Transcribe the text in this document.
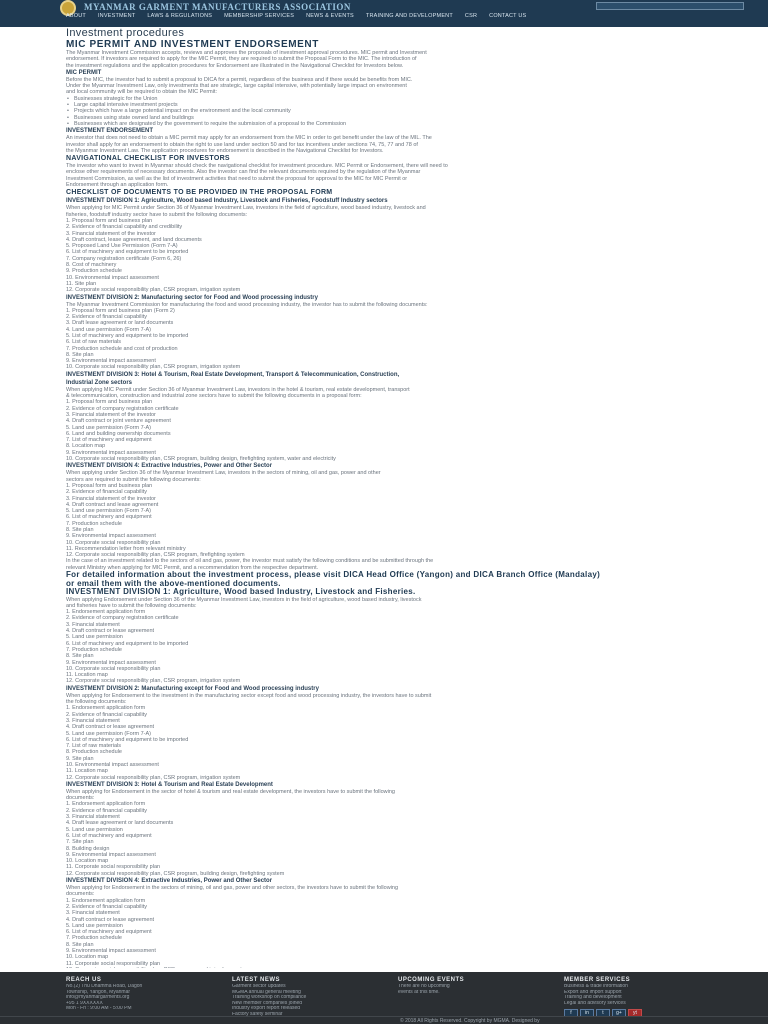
MYANMAR GARMENT MANUFACTURERS ASSOCIATION
ABOUT INVESTMENT LAWS & REGULATIONS MEMBERSHIP SERVICES NEWS & EVENTS TRAINING AND DEVELOPMENT CSR CONTACT US
Investment procedures
MIC PERMIT AND INVESTMENT ENDORSEMENT
The Myanmar Investment Commission accepts, reviews and approves the proposals of investment approval procedures. MIC permit and Investment
endorsement. If investors are required to apply for the MIC Permit, they are required to submit the Proposal Form to the MIC. The introduction of
the investment regulations and the application procedures for Endorsement are illustrated in the Navigational Checklist for Investors below.
MIC PERMIT
Before the MIC, the investor had to submit a proposal to DICA for a permit, regardless of the business and if there would be benefits from MIC.
Under the Myanmar Investment Law, only investments that are strategic, large capital intensive, with potentially large impact on environment
and local community will be required to obtain the MIC Permit:
• Businesses strategic for the Union
• Large capital intensive investment projects
• Projects which have a large potential impact on the environment and the local community
• Businesses using state owned land and buildings
• Businesses which are designated by the government to require the submission of a proposal to the Commission
INVESTMENT ENDORSEMENT
An investor that does not need to obtain a MIC permit may apply for an endorsement from the MIC in order to get benefit under the law of the MIL. The
investor shall apply for an endorsement to obtain the right to use land under section 50 and for tax incentives under sections 74, 75, 77 and 78 of
the Myanmar Investment Law. The application procedures for endorsement is described in the Navigational Checklist for Investors.
NAVIGATIONAL CHECKLIST FOR INVESTORS
The investor who want to invest in Myanmar should check the navigational checklist for investment procedure. MIC Permit or Endorsement, there will need to
enclose other requirements of necessary documents. Also the investor can find the relevant documents required by the regulation of the Myanmar
Investment Commission, as well as the list of investment activities that need to submit the proposal for approval to the MIC for MIC Permit or
Endorsement through an application form.
CHECKLIST OF DOCUMENTS TO BE PROVIDED IN THE PROPOSAL FORM
INVESTMENT DIVISION 1: Agriculture, Wood based Industry, Livestock and Fisheries, Foodstuff Industry sectors
When applying for MIC Permit under Section 36 of Myanmar Investment Law, investors in the field of agriculture, wood based industry, livestock and
fisheries, foodstuff industry sector have to submit the following documents:
1. Proposal form and business plan
2. Evidence of financial capability and credibility
3. Financial statement of the investor
4. Draft contract, lease agreement, and land documents
5. Proposed Land Use Permission (Form 7-A)
6. List of machinery and equipment to be imported
7. Company registration certificate (Form 6, 26)
8. Cost of machinery
9. Production schedule
10. Environmental impact assessment
11. Site plan
12. Corporate social responsibility plan, CSR program, irrigation system
INVESTMENT DIVISION 2: Manufacturing sector for Food and Wood processing industry
The Myanmar Investment Commission for manufacturing the food and wood processing industry, the investor has to submit the following documents:
1. Proposal form and business plan (Form 2)
2. Evidence of financial capability
3. Draft lease agreement or land documents
4. Land use permission (Form 7-A)
5. List of machinery and equipment to be imported
6. List of raw materials
7. Production schedule and cost of production
8. Site plan
9. Environmental impact assessment
10. Corporate social responsibility plan, CSR program, irrigation system
INVESTMENT DIVISION 3: Hotel & Tourism, Real Estate Development, Transport & Telecommunication, Construction,
Industrial Zone sectors
When applying MIC Permit under Section 36 of Myanmar Investment Law, investors in the hotel & tourism, real estate development, transport
& telecommunication, construction and industrial zone sectors have to submit the following documents in a proposal form:
1. Proposal form and business plan
2. Evidence of company registration certificate
3. Financial statement of the investor
4. Draft contract or joint venture agreement
5. Land use permission (Form 7-A)
6. Land and building ownership documents
7. List of machinery and equipment
8. Location map
9. Environmental impact assessment
10. Corporate social responsibility plan, CSR program, building design, firefighting system, water and electricity
INVESTMENT DIVISION 4: Extractive Industries, Power and Other Sector
When applying under Section 36 of the Myanmar Investment Law, investors in the sectors of mining, oil and gas, power and other
sectors are required to submit the following documents:
1. Proposal form and business plan
2. Evidence of financial capability
3. Financial statement of the investor
4. Draft contract and lease agreement
5. Land use permission (Form 7-A)
6. List of machinery and equipment
7. Production schedule
8. Site plan
9. Environmental impact assessment
10. Corporate social responsibility plan
11. Recommendation letter from relevant ministry
12. Corporate social responsibility plan, CSR program, firefighting system
In the case of an investment related to the sectors of oil and gas, power, the investor must satisfy the following conditions and be submitted through the
relevant Ministry when applying for MIC Permit, and a recommendation from the respective department.
For detailed information about the investment process, please visit DICA Head Office (Yangon) and DICA Branch Office (Mandalay)
or email them with the above-mentioned documents.
INVESTMENT DIVISION 1: Agriculture, Wood based Industry, Livestock and Fisheries.
When applying Endorsement under Section 36 of the Myanmar Investment Law, investors in the field of agriculture, wood based industry, livestock
and fisheries have to submit the following documents:
1. Endorsement application form
2. Evidence of company registration certificate
3. Financial statement
4. Draft contract or lease agreement
5. Land use permission
6. List of machinery and equipment to be imported
7. Production schedule
8. Site plan
9. Environmental impact assessment
10. Corporate social responsibility plan
11. Location map
12. Corporate social responsibility plan, CSR program, irrigation system
INVESTMENT DIVISION 2: Manufacturing except for Food and Wood processing industry
When applying for Endorsement to the investment in the manufacturing sector except food and wood processing industry, the investors have to submit
the following documents:
1. Endorsement application form
2. Evidence of financial capability
3. Financial statement
4. Draft contract or lease agreement
5. Land use permission (Form 7-A)
6. List of machinery and equipment to be imported
7. List of raw materials
8. Production schedule
9. Site plan
10. Environmental impact assessment
11. Location map
12. Corporate social responsibility plan, CSR program, irrigation system
INVESTMENT DIVISION 3: Hotel & Tourism and Real Estate Development
When applying for Endorsement in the sector of hotel & tourism and real estate development, the investors have to submit the following
documents:
1. Endorsement application form
2. Evidence of financial capability
3. Financial statement
4. Draft lease agreement or land documents
5. Land use permission
6. List of machinery and equipment
7. Site plan
8. Building design
9. Environmental impact assessment
10. Location map
11. Corporate social responsibility plan
12. Corporate social responsibility plan, CSR program, building design, firefighting system
INVESTMENT DIVISION 4: Extractive Industries, Power and Other Sector
When applying for Endorsement in the sectors of mining, oil and gas, power and other sectors, the investors have to submit the following
documents:
1. Endorsement application form
2. Evidence of financial capability
3. Financial statement
4. Draft contract or lease agreement
5. Land use permission
6. List of machinery and equipment
7. Production schedule
8. Site plan
9. Environmental impact assessment
10. Location map
11. Corporate social responsibility plan
REACH US
No.(2) Thu Dhamma Road, Dagon
Township, Yangon, Myanmar
info@myanmargarments.org
+95 1 9XXXXXX
Mon - Fri : 9:00 AM - 5:00 PM
LATEST NEWS
Garment sector updates
MGMA annual general meeting
Training workshop on compliance
New member companies joined
Industry export report released
Factory safety seminar
UPCOMING EVENTS
There are no upcoming
events at this time.
MEMBER SERVICES
Business & trade information
Export and import support
Training and development
Legal and advisory services
f	in	t	g+	yt
© 2018 All Rights Reserved. Copyright by MGMA. Designed by
